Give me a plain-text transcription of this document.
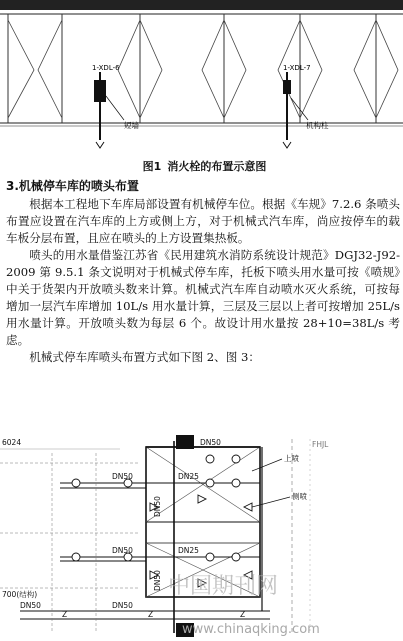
1-XDL-6	1-XDL-7
短墙	机构柱
图1 消火栓的布置示意图
3.机械停车库的喷头布置

根据本工程地下车库局部设置有机械停车位。根据《车规》7.2.6 条喷头布置应设置在汽车库的上方或侧上方，对于机械式汽车库，尚应按停车的载车板分层布置，且应在喷头的上方设置集热板。

喷头的用水量借鉴江苏省《民用建筑水消防系统设计规范》DGJ32-J92-2009 第 9.5.1 条文说明对于机械式停车库，托板下喷头用水量可按《喷规》中关于货架内开放喷头数来计算。机械式汽车库自动喷水灭火系统，可按每增加一层汽车库增加 10L/s 用水量计算，三层及三层以上者可按增加 25L/s 用水量计算。开放喷头数为每层 6 个。故设计用水量按 28+10=38L/s 考虑。

机械式停车库喷头布置方式如下图 2、图 3：

6024	DN50
DN50	DN25
DN50	DN25
DN50
DN50
DN50
DN50
上喷
侧喷
FHJL
700(结构)
Z	Z	Z
中国期刊网
www.chinaqking.com
